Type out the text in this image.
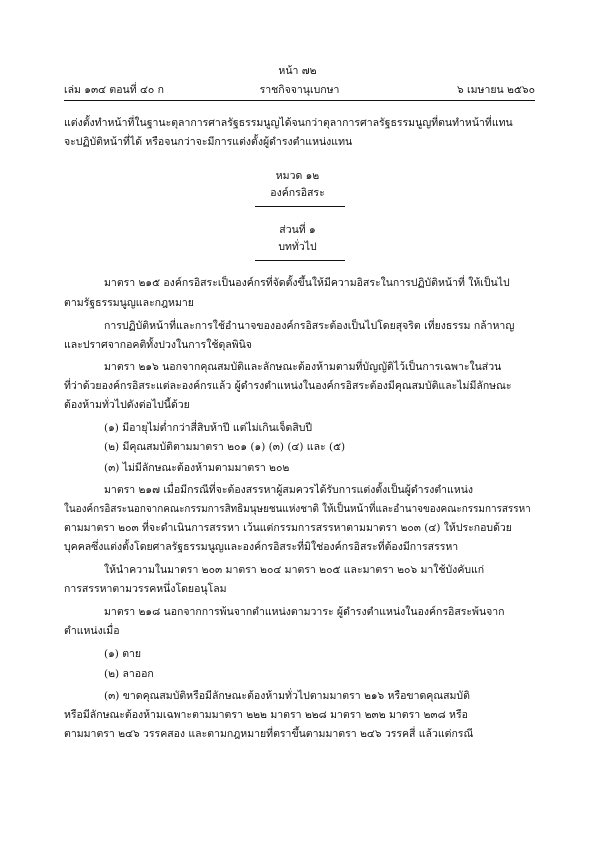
หน้า ๗๒
เล่ม ๑๓๔ ตอนที่ ๔๐ ก	ราชกิจจานุเบกษา	๖ เมษายน ๒๕๖๐
แต่งตั้งทำหน้าที่ในฐานะตุลาการศาลรัฐธรรมนูญได้จนกว่าตุลาการศาลรัฐธรรมนูญที่ตนทำหน้าที่แทน
จะปฏิบัติหน้าที่ได้ หรือจนกว่าจะมีการแต่งตั้งผู้ดำรงตำแหน่งแทน
หมวด ๑๒
องค์กรอิสระ
ส่วนที่ ๑
บททั่วไป
มาตรา ๒๑๕ องค์กรอิสระเป็นองค์กรที่จัดตั้งขึ้นให้มีความอิสระในการปฏิบัติหน้าที่ ให้เป็นไป
ตามรัฐธรรมนูญและกฎหมาย
การปฏิบัติหน้าที่และการใช้อำนาจขององค์กรอิสระต้องเป็นไปโดยสุจริต เที่ยงธรรม กล้าหาญ
และปราศจากอคติทั้งปวงในการใช้ดุลพินิจ
มาตรา ๒๑๖ นอกจากคุณสมบัติและลักษณะต้องห้ามตามที่บัญญัติไว้เป็นการเฉพาะในส่วน
ที่ว่าด้วยองค์กรอิสระแต่ละองค์กรแล้ว ผู้ดำรงตำแหน่งในองค์กรอิสระต้องมีคุณสมบัติและไม่มีลักษณะ
ต้องห้ามทั่วไปดังต่อไปนี้ด้วย
(๑) มีอายุไม่ต่ำกว่าสี่สิบห้าปี แต่ไม่เกินเจ็ดสิบปี
(๒) มีคุณสมบัติตามมาตรา ๒๐๑ (๑) (๓) (๔) และ (๕)
(๓) ไม่มีลักษณะต้องห้ามตามมาตรา ๒๐๒
มาตรา ๒๑๗ เมื่อมีกรณีที่จะต้องสรรหาผู้สมควรได้รับการแต่งตั้งเป็นผู้ดำรงตำแหน่ง
ในองค์กรอิสระนอกจากคณะกรรมการสิทธิมนุษยชนแห่งชาติ ให้เป็นหน้าที่และอำนาจของคณะกรรมการสรรหา
ตามมาตรา ๒๐๓ ที่จะดำเนินการสรรหา เว้นแต่กรรมการสรรหาตามมาตรา ๒๐๓ (๔) ให้ประกอบด้วย
บุคคลซึ่งแต่งตั้งโดยศาลรัฐธรรมนูญและองค์กรอิสระที่มิใช่องค์กรอิสระที่ต้องมีการสรรหา
ให้นำความในมาตรา ๒๐๓ มาตรา ๒๐๔ มาตรา ๒๐๕ และมาตรา ๒๐๖ มาใช้บังคับแก่
การสรรหาตามวรรคหนึ่งโดยอนุโลม
มาตรา ๒๑๘ นอกจากการพ้นจากตำแหน่งตามวาระ ผู้ดำรงตำแหน่งในองค์กรอิสระพ้นจาก
ตำแหน่งเมื่อ
(๑) ตาย
(๒) ลาออก
(๓) ขาดคุณสมบัติหรือมีลักษณะต้องห้ามทั่วไปตามมาตรา ๒๑๖ หรือขาดคุณสมบัติ
หรือมีลักษณะต้องห้ามเฉพาะตามมาตรา ๒๒๒ มาตรา ๒๒๘ มาตรา ๒๓๒ มาตรา ๒๓๘ หรือ
ตามมาตรา ๒๔๖ วรรคสอง และตามกฎหมายที่ตราขึ้นตามมาตรา ๒๔๖ วรรคสี่ แล้วแต่กรณี
